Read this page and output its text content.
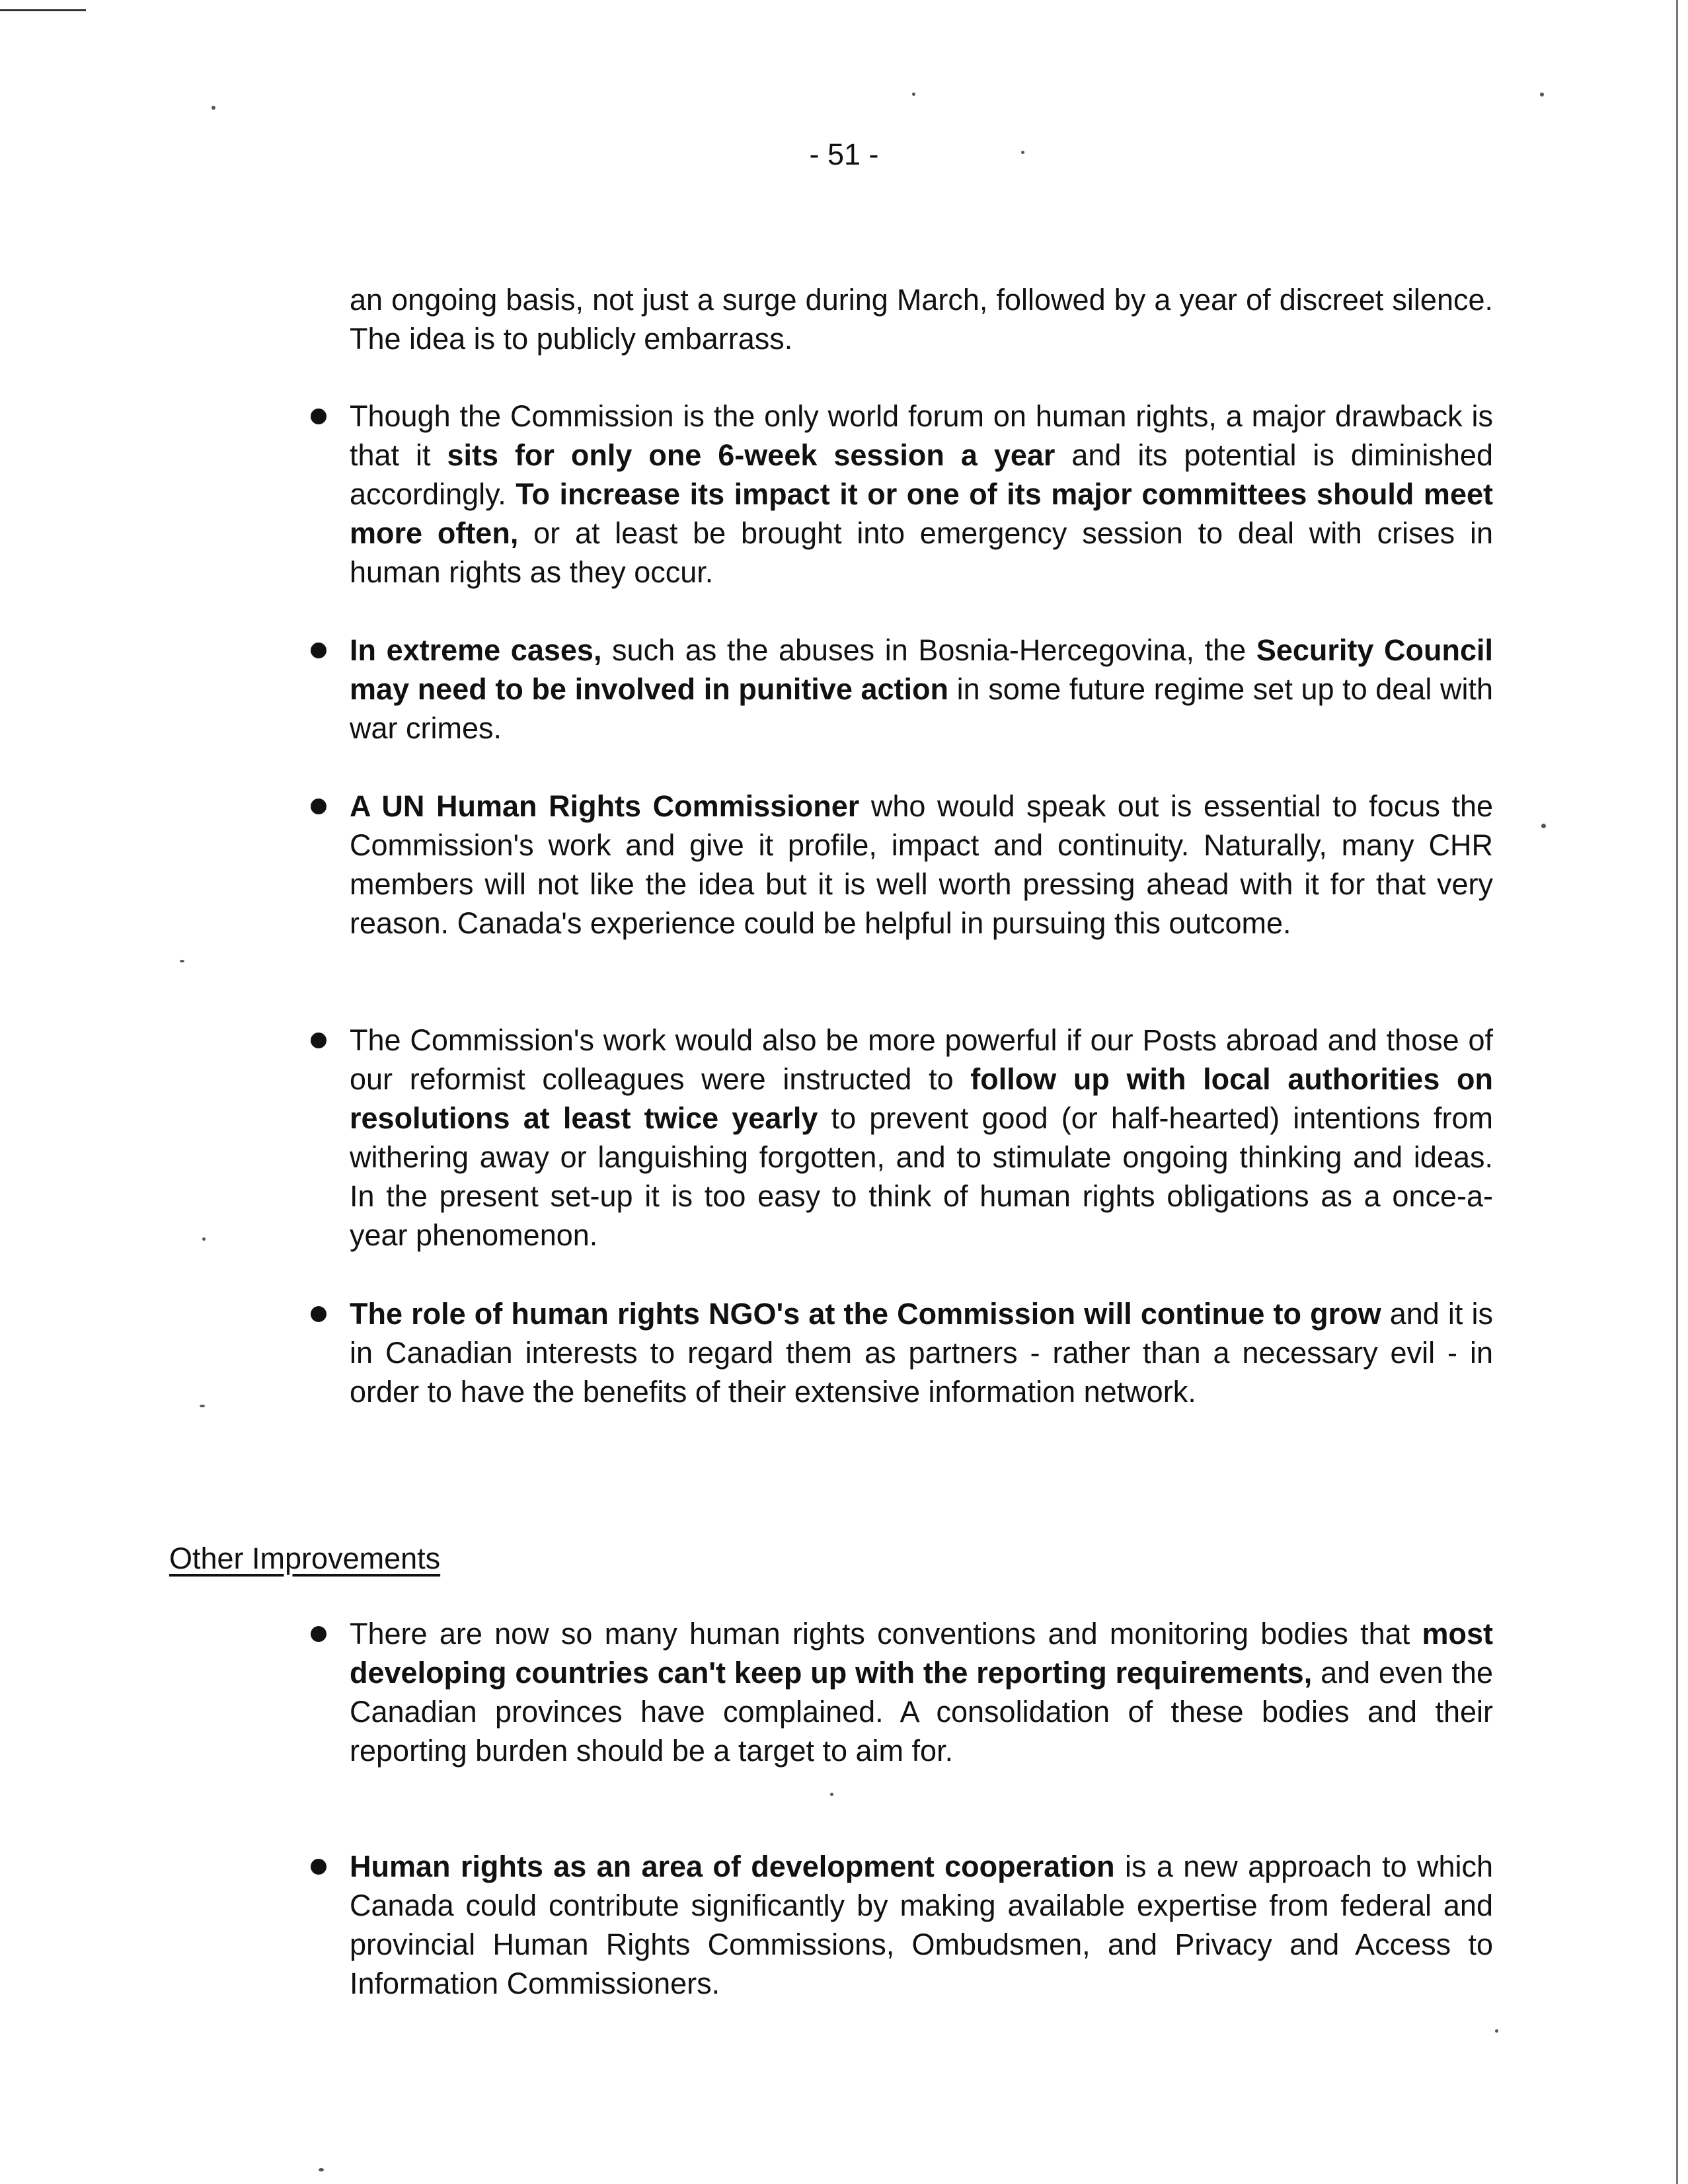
- 51 -

an ongoing basis, not just a surge during March, followed by a year of discreet silence. The idea is to publicly embarrass.

Though the Commission is the only world forum on human rights, a major drawback is that it sits for only one 6-week session a year and its potential is diminished accordingly. To increase its impact it or one of its major committees should meet more often, or at least be brought into emergency session to deal with crises in human rights as they occur.

In extreme cases, such as the abuses in Bosnia-Hercegovina, the Security Council may need to be involved in punitive action in some future regime set up to deal with war crimes.

A UN Human Rights Commissioner who would speak out is essential to focus the Commission's work and give it profile, impact and continuity. Naturally, many CHR members will not like the idea but it is well worth pressing ahead with it for that very reason. Canada's experience could be helpful in pursuing this outcome.

The Commission's work would also be more powerful if our Posts abroad and those of our reformist colleagues were instructed to follow up with local authorities on resolutions at least twice yearly to prevent good (or half-hearted) intentions from withering away or languishing forgotten, and to stimulate ongoing thinking and ideas. In the present set-up it is too easy to think of human rights obligations as a once-a-year phenomenon.

The role of human rights NGO's at the Commission will continue to grow and it is in Canadian interests to regard them as partners - rather than a necessary evil - in order to have the benefits of their extensive information network.

Other Improvements

There are now so many human rights conventions and monitoring bodies that most developing countries can't keep up with the reporting requirements, and even the Canadian provinces have complained. A consolidation of these bodies and their reporting burden should be a target to aim for.

Human rights as an area of development cooperation is a new approach to which Canada could contribute significantly by making available expertise from federal and provincial Human Rights Commissions, Ombudsmen, and Privacy and Access to Information Commissioners.
